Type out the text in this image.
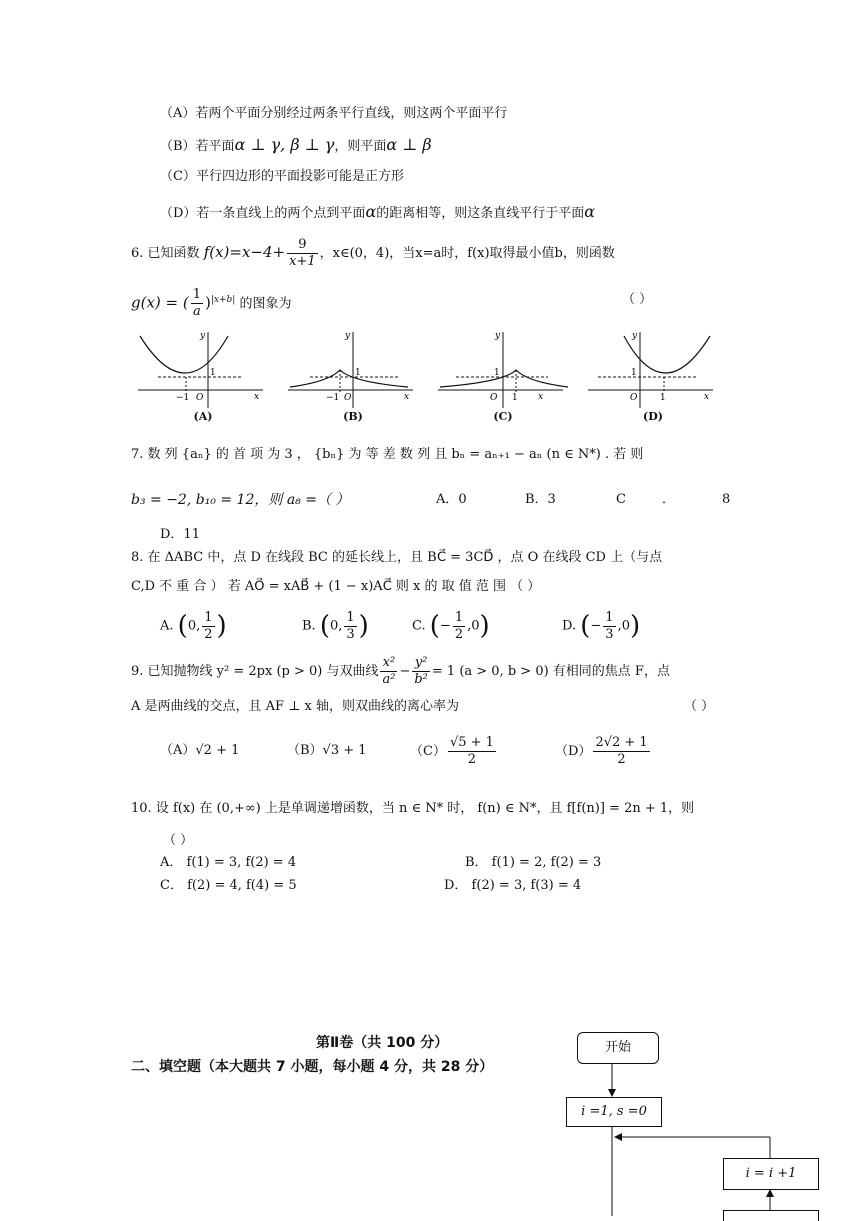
（A）若两个平面分别经过两条平行直线，则这两个平面平行
（B）若平面α ⊥ γ, β ⊥ γ，则平面α ⊥ β
（C）平行四边形的平面投影可能是正方形
（D）若一条直线上的两个点到平面α的距离相等，则这条直线平行于平面α
6. 已知函数 $f(x)=x-4+ \frac{9}{x+1}$ ，x∈(0，4)，当x=a时，f(x)取得最小值b，则函数
g(x) = ( $\frac{1}{a} )^{|x+b|}$ 的图象为	（ ）
y
x
O
1
−1
(A)
y
x
O
1
−1
(B)
y
x
O
1
1
(C)
y
x
O
1
1
(D)
7. 数 列 {aₙ} 的 首 项 为 3 ， {bₙ} 为 等 差 数 列 且 bₙ = aₙ₊₁ − aₙ (n ∈ N*) . 若 则
b₃ = −2, b₁₀ = 12，则 a₈ =（ ）	A．0	B．3	C	．	8
D．11
8. 在 ΔABC 中，点 D 在线段 BC 的延长线上，且 BC⃗ = 3CD⃗ ，点 O 在线段 CD 上（与点
C,D 不 重 合 ） 若 AO⃗ = xAB⃗ + (1 − x)AC⃗ 则 x 的 取 值 范 围 （ ）
A. (0, $\frac{1}{2}$ )	B. (0, $\frac{1}{3}$ )	C. (− $\frac{1}{2} ,0$)	D. (− $\frac{1}{3} ,0$)
9. 已知抛物线 y² = 2px (p > 0) 与双曲线 $\frac{\text{x²}}{\text{a²}} - \frac{\text{y²}}{\text{b²}} = 1$ (a > 0, b > 0) 有相同的焦点 F，点
A 是两曲线的交点，且 AF ⊥ x 轴，则双曲线的离心率为	（ ）
（A）√2 + 1	（B）√3 + 1	$(C) \frac{√5 + 1}{2}$	$(D) \frac{2√2 + 1}{2}$
10. 设 f(x) 在 (0,+∞) 上是单调递增函数，当 n ∈ N* 时， f(n) ∈ N*，且 f[f(n)] = 2n + 1，则
（ ）
A． f(1) = 3, f(2) = 4	B． f(1) = 2, f(2) = 3
C． f(2) = 4, f(4) = 5	D． f(2) = 3, f(3) = 4
第Ⅱ卷（共 100 分）
二、填空题（本大题共 7 小题，每小题 4 分，共 28 分）
开始
i =1, s =0
i = i +1
